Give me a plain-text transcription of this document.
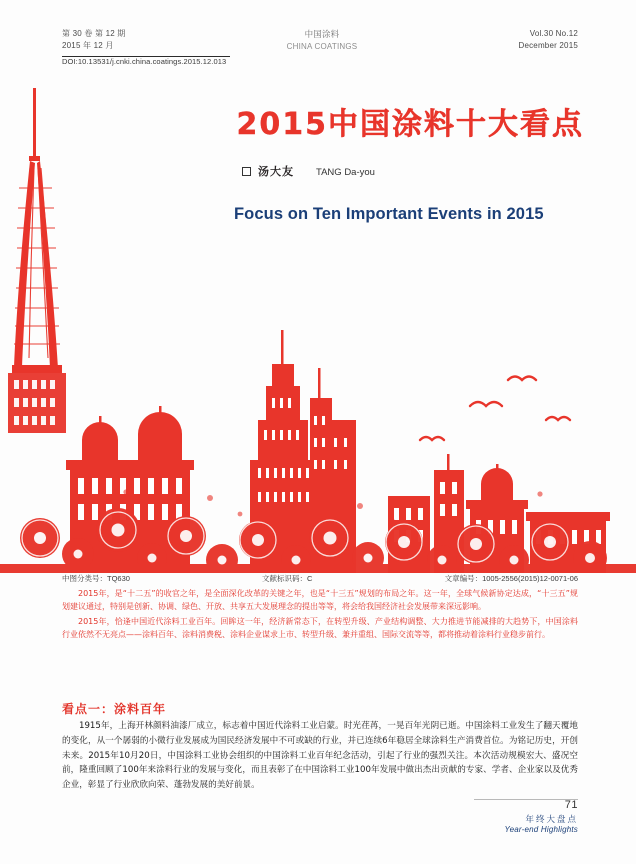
第 30 卷 第 12 期
2015 年 12 月
中国涂料
CHINA COATINGS
Vol.30 No.12
December 2015
DOI:10.13531/j.cnki.china.coatings.2015.12.013
2015中国涂料十大看点
汤大友 TANG Da-you
Focus on Ten Important Events in 2015
中图分类号：TQ630	文献标识码：C	文章编号：1005-2556(2015)12-0071-06

2015年，是“十二五”的收官之年，是全面深化改革的关键之年，也是“十三五”规划的布局之年。这一年，全球气候新协定达成，“十三五”规划建议通过，特别是创新、协调、绿色、开放、共享五大发展理念的提出等等，将会给我国经济社会发展带来深远影响。

2015年，恰逢中国近代涂料工业百年。回眸这一年，经济新常态下，在转型升级、产业结构调整、大力推进节能减排的大趋势下，中国涂料行业依然不无亮点——涂料百年、涂料消费税、涂料企业谋求上市、转型升级、兼并重组、国际交流等等，都将推动着涂料行业稳步前行。

看点一：涂料百年

1915年，上海开林颜料油漆厂成立，标志着中国近代涂料工业启蒙。时光荏苒，一晃百年光阴已逝。中国涂料工业发生了翻天覆地的变化，从一个孱弱的小微行业发展成为国民经济发展中不可或缺的行业，并已连续6年稳居全球涂料生产消费首位。为铭记历史，开创未来。2015年10月20日，中国涂料工业协会组织的中国涂料工业百年纪念活动，引起了行业的强烈关注。本次活动规模宏大、盛况空前，隆重回顾了100年来涂料行业的发展与变化，而且表彰了在中国涂料工业100年发展中做出杰出贡献的专家、学者、企业家以及优秀企业，彰显了行业欣欣向荣、蓬勃发展的美好前景。

71
年终大盘点
Year-end Highlights
